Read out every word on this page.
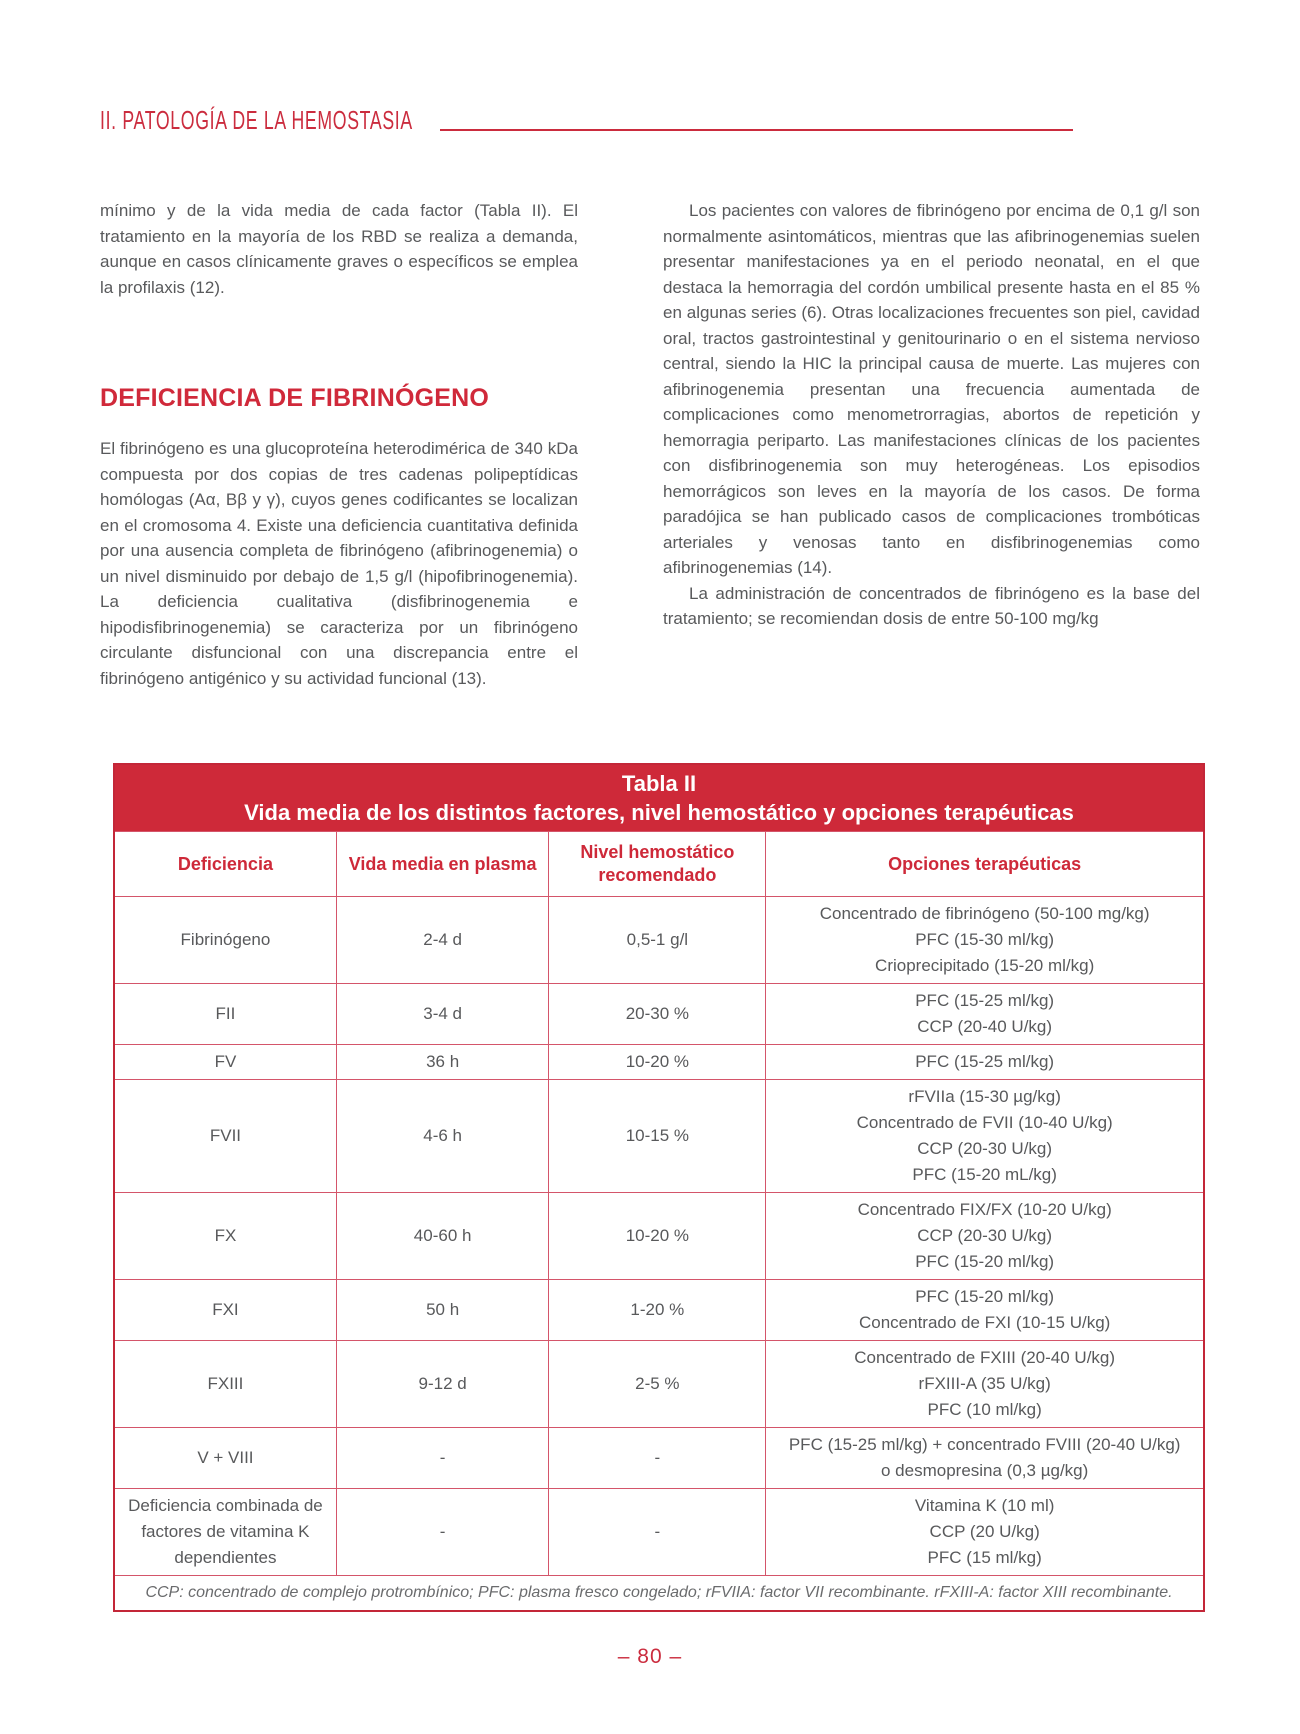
II. PATOLOGÍA DE LA HEMOSTASIA

mínimo y de la vida media de cada factor (Tabla II). El tratamiento en la mayoría de los RBD se realiza a demanda, aunque en casos clínicamente graves o específicos se emplea la profilaxis (12).

DEFICIENCIA DE FIBRINÓGENO

El fibrinógeno es una glucoproteína heterodimérica de 340 kDa compuesta por dos copias de tres cadenas polipeptídicas homólogas (Aα, Bβ y γ), cuyos genes codificantes se localizan en el cromosoma 4. Existe una deficiencia cuantitativa definida por una ausencia completa de fibrinógeno (afibrinogenemia) o un nivel disminuido por debajo de 1,5 g/l (hipofibrinogenemia). La deficiencia cualitativa (disfibrinogenemia e hipodisfibrinogenemia) se caracteriza por un fibrinógeno circulante disfuncional con una discrepancia entre el fibrinógeno antigénico y su actividad funcional (13).

Los pacientes con valores de fibrinógeno por encima de 0,1 g/l son normalmente asintomáticos, mientras que las afibrinogenemias suelen presentar manifestaciones ya en el periodo neonatal, en el que destaca la hemorragia del cordón umbilical presente hasta en el 85 % en algunas series (6). Otras localizaciones frecuentes son piel, cavidad oral, tractos gastrointestinal y genitourinario o en el sistema nervioso central, siendo la HIC la principal causa de muerte. Las mujeres con afibrinogenemia presentan una frecuencia aumentada de complicaciones como menometrorragias, abortos de repetición y hemorragia periparto. Las manifestaciones clínicas de los pacientes con disfibrinogenemia son muy heterogéneas. Los episodios hemorrágicos son leves en la mayoría de los casos. De forma paradójica se han publicado casos de complicaciones trombóticas arteriales y venosas tanto en disfibrinogenemias como afibrinogenemias (14).

La administración de concentrados de fibrinógeno es la base del tratamiento; se recomiendan dosis de entre 50-100 mg/kg

Tabla II
Vida media de los distintos factores, nivel hemostático y opciones terapéuticas			

Deficiencia	Vida media en plasma	Nivel hemostático recomendado	Opciones terapéuticas
Fibrinógeno	2-4 d	0,5-1 g/l	Concentrado de fibrinógeno (50-100 mg/kg)
PFC (15-30 ml/kg)
Crioprecipitado (15-20 ml/kg)

FII	3-4 d	20-30 %	PFC (15-25 ml/kg)
CCP (20-40 U/kg)

FV	36 h	10-20 %	PFC (15-25 ml/kg)

FVII	4-6 h	10-15 %	rFVIIa (15-30 µg/kg)
Concentrado de FVII (10-40 U/kg)
CCP (20-30 U/kg)
PFC (15-20 mL/kg)

FX	40-60 h	10-20 %	Concentrado FIX/FX (10-20 U/kg)
CCP (20-30 U/kg)
PFC (15-20 ml/kg)

FXI	50 h	1-20 %	PFC (15-20 ml/kg)
Concentrado de FXI (10-15 U/kg)

FXIII	9-12 d	2-5 %	Concentrado de FXIII (20-40 U/kg)
rFXIII-A (35 U/kg)
PFC (10 ml/kg)

V + VIII	-	-	PFC (15-25 ml/kg) + concentrado FVIII (20-40 U/kg)
o desmopresina (0,3 µg/kg)

Deficiencia combinada de factores de vitamina K dependientes	-	-	Vitamina K (10 ml)
CCP (20 U/kg)
PFC (15 ml/kg)

CCP: concentrado de complejo protrombínico; PFC: plasma fresco congelado; rFVIIA: factor VII recombinante. rFXIII-A: factor XIII recombinante.			
– 80 –
